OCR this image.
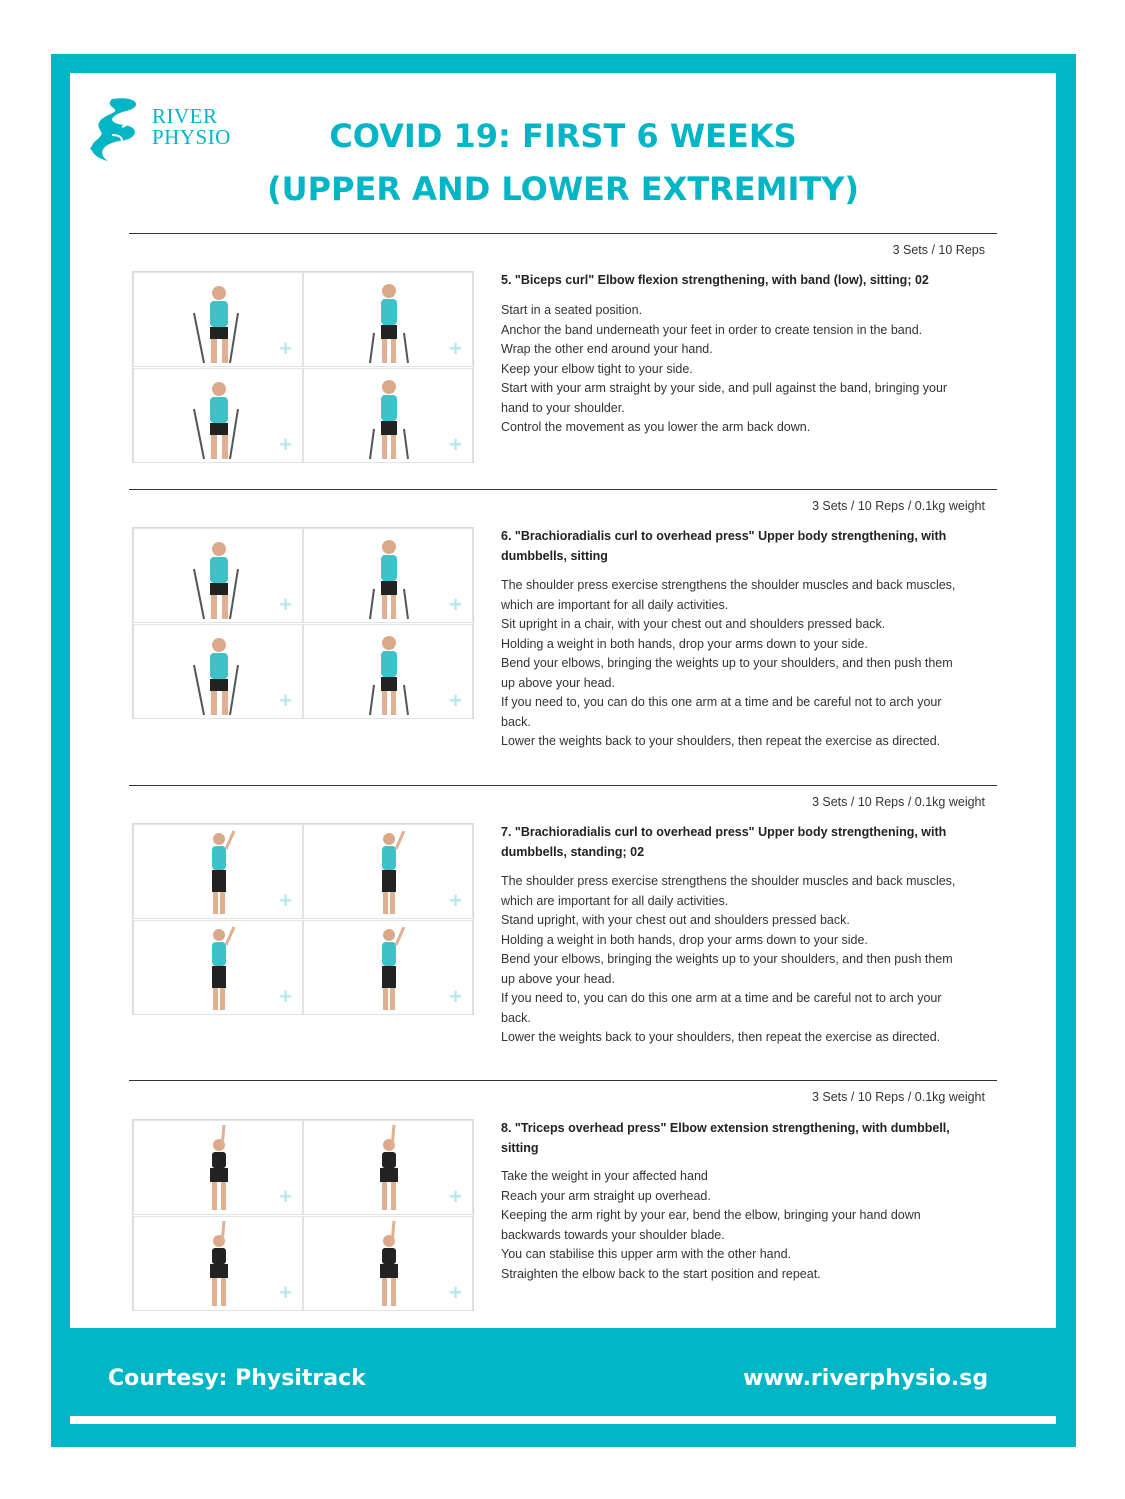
RIVER
PHYSIO	COVID 19: FIRST 6 WEEKS
(UPPER AND LOWER EXTREMITY)
3 Sets / 10 Reps
+	+
+	+
5. "Biceps curl" Elbow flexion strengthening, with band (low), sitting; 02
Start in a seated position.
Anchor the band underneath your feet in order to create tension in the band.
Wrap the other end around your hand.
Keep your elbow tight to your side.
Start with your arm straight by your side, and pull against the band, bringing your
hand to your shoulder.
Control the movement as you lower the arm back down.
3 Sets / 10 Reps / 0.1kg weight
+	+
+	+
6. "Brachioradialis curl to overhead press" Upper body strengthening, with
dumbbells, sitting
The shoulder press exercise strengthens the shoulder muscles and back muscles,
which are important for all daily activities.
Sit upright in a chair, with your chest out and shoulders pressed back.
Holding a weight in both hands, drop your arms down to your side.
Bend your elbows, bringing the weights up to your shoulders, and then push them
up above your head.
If you need to, you can do this one arm at a time and be careful not to arch your
back.
Lower the weights back to your shoulders, then repeat the exercise as directed.
3 Sets / 10 Reps / 0.1kg weight
+	+
+	+
7. "Brachioradialis curl to overhead press" Upper body strengthening, with
dumbbells, standing; 02
The shoulder press exercise strengthens the shoulder muscles and back muscles,
which are important for all daily activities.
Stand upright, with your chest out and shoulders pressed back.
Holding a weight in both hands, drop your arms down to your side.
Bend your elbows, bringing the weights up to your shoulders, and then push them
up above your head.
If you need to, you can do this one arm at a time and be careful not to arch your
back.
Lower the weights back to your shoulders, then repeat the exercise as directed.
3 Sets / 10 Reps / 0.1kg weight
+	+
+	+
8. "Triceps overhead press" Elbow extension strengthening, with dumbbell,
sitting
Take the weight in your affected hand
Reach your arm straight up overhead.
Keeping the arm right by your ear, bend the elbow, bringing your hand down
backwards towards your shoulder blade.
You can stabilise this upper arm with the other hand.
Straighten the elbow back to the start position and repeat.
Courtesy: Physitrack	www.riverphysio.sg
